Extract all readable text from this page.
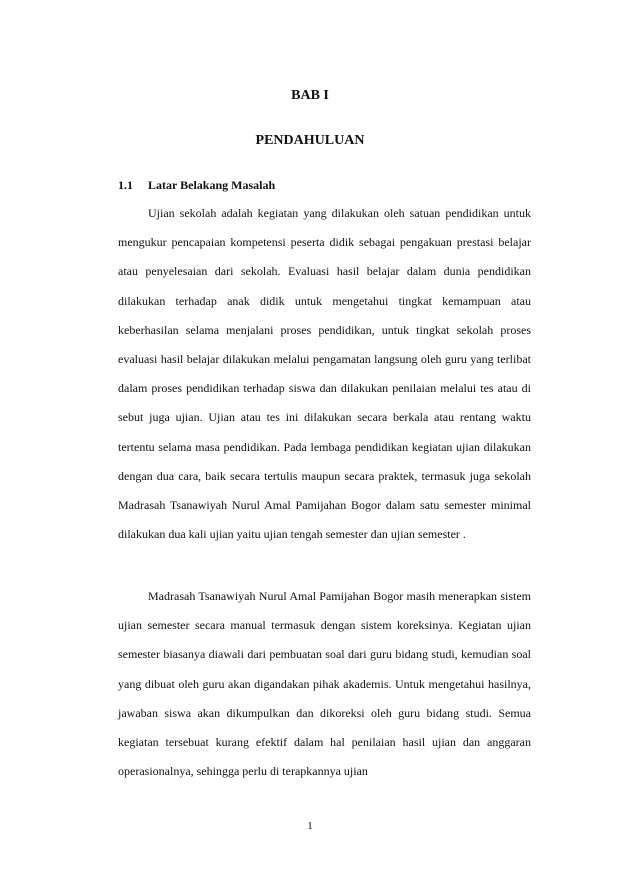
BAB I
PENDAHULUAN
1.1 Latar Belakang Masalah

Ujian sekolah adalah kegiatan yang dilakukan oleh satuan pendidikan untuk mengukur pencapaian kompetensi peserta didik sebagai pengakuan prestasi belajar atau penyelesaian dari sekolah. Evaluasi hasil belajar dalam dunia pendidikan dilakukan terhadap anak didik untuk mengetahui tingkat kemampuan atau keberhasilan selama menjalani proses pendidikan, untuk tingkat sekolah proses evaluasi hasil belajar dilakukan melalui pengamatan langsung oleh guru yang terlibat dalam proses pendidikan terhadap siswa dan dilakukan penilaian melalui tes atau di sebut juga ujian. Ujian atau tes ini dilakukan secara berkala atau rentang waktu tertentu selama masa pendidikan. Pada lembaga pendidikan kegiatan ujian dilakukan dengan dua cara, baik secara tertulis maupun secara praktek, termasuk juga sekolah Madrasah Tsanawiyah Nurul Amal Pamijahan Bogor dalam satu semester minimal dilakukan dua kali ujian yaitu ujian tengah semester dan ujian semester .

Madrasah Tsanawiyah Nurul Amal Pamijahan Bogor masih menerapkan sistem ujian semester secara manual termasuk dengan sistem koreksinya. Kegiatan ujian semester biasanya diawali dari pembuatan soal dari guru bidang studi, kemudian soal yang dibuat oleh guru akan digandakan pihak akademis. Untuk mengetahui hasilnya, jawaban siswa akan dikumpulkan dan dikoreksi oleh guru bidang studi. Semua kegiatan tersebuat kurang efektif dalam hal penilaian hasil ujian dan anggaran operasionalnya, sehingga perlu di terapkannya ujian

1
